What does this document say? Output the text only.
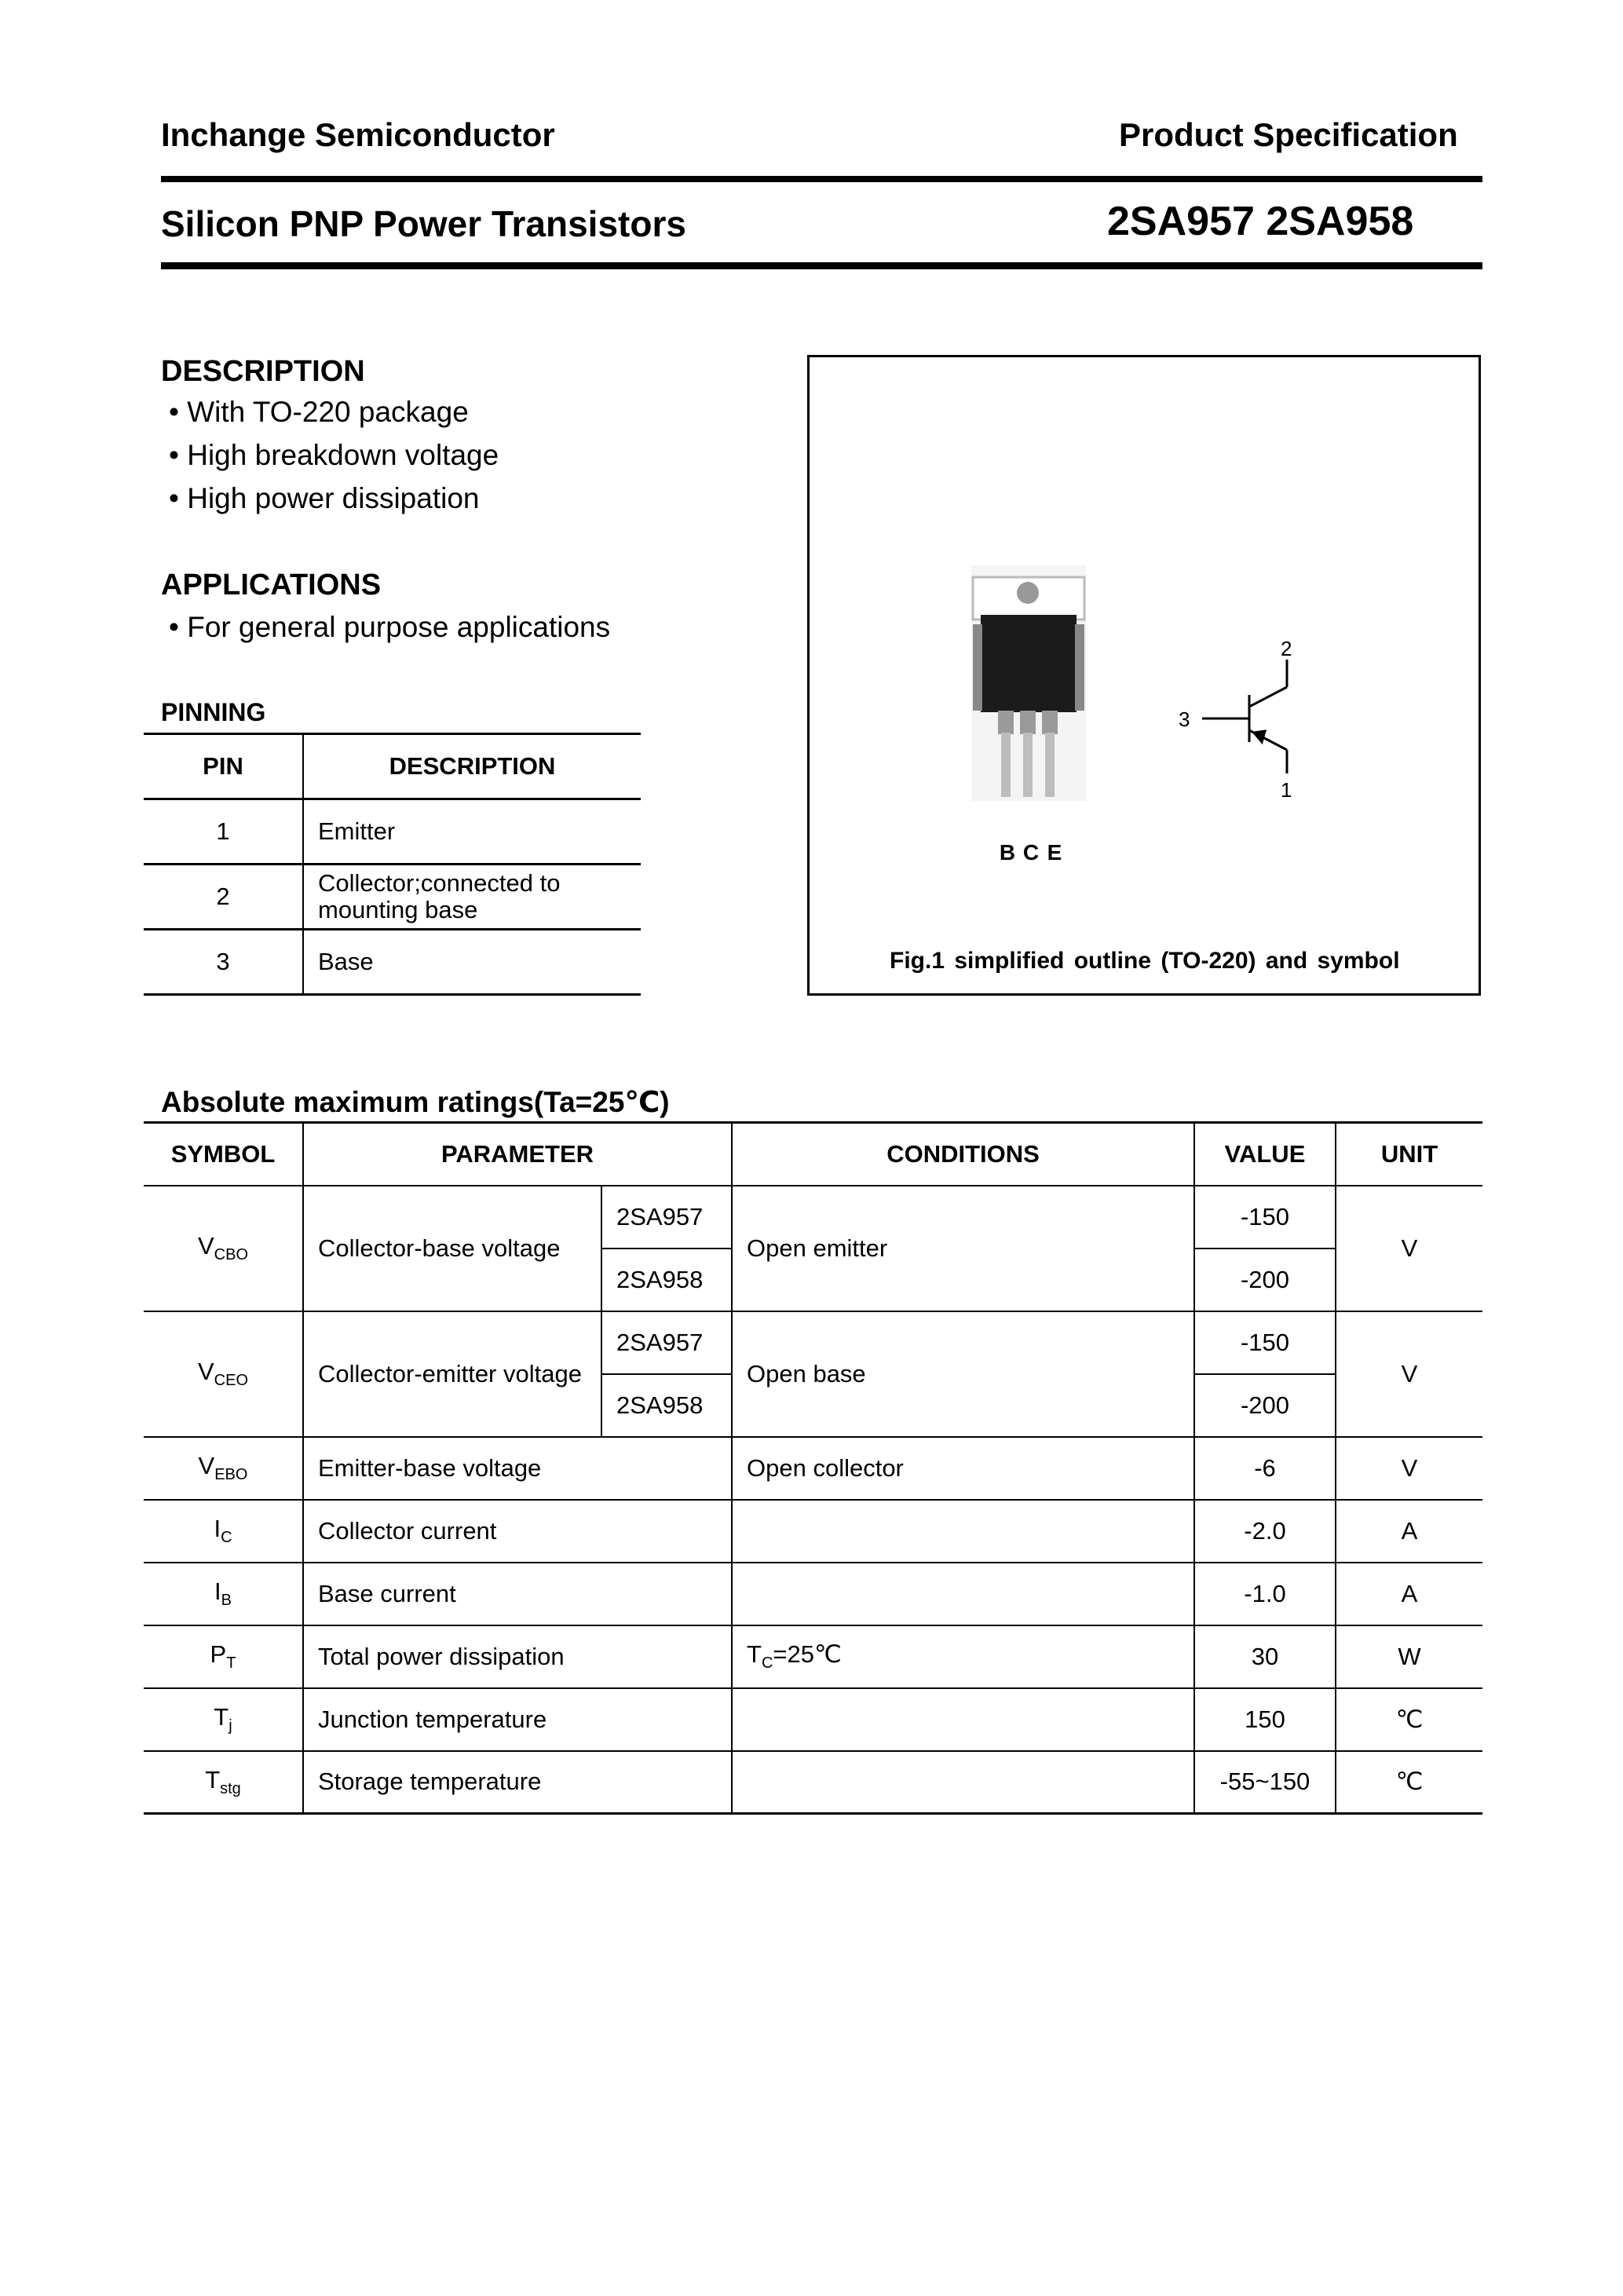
Inchange Semiconductor	Product Specification
Silicon PNP Power Transistors	2SA957 2SA958
DESCRIPTION
• With TO-220 package
• High breakdown voltage
• High power dissipation
APPLICATIONS
• For general purpose applications
PINNING
PIN	DESCRIPTION
1	Emitter
2	Collector;connected to
mounting base

3	Base
B C E
2
3
1
Fig.1 simplified outline (TO-220) and symbol
Absolute maximum ratings(Ta=25℃)
SYMBOL	PARAMETER		CONDITIONS	VALUE	UNIT
$V_{CBO}$	Collector-base voltage	2SA957	Open emitter	-150	V
		2SA958		-200	
$V_{CEO}$	Collector-emitter voltage	2SA957	Open base	-150	V
		2SA958		-200	
$V_{EBO}$	Emitter-base voltage		Open collector	-6	V
$I_C$	Collector current			-2.0	A
$I_B$	Base current			-1.0	A
$P_T$	Total power dissipation		$T_C=25℃$	30	W
$T_j$	Junction temperature			150	℃
$T_{stg}$	Storage temperature			-55~150	℃
